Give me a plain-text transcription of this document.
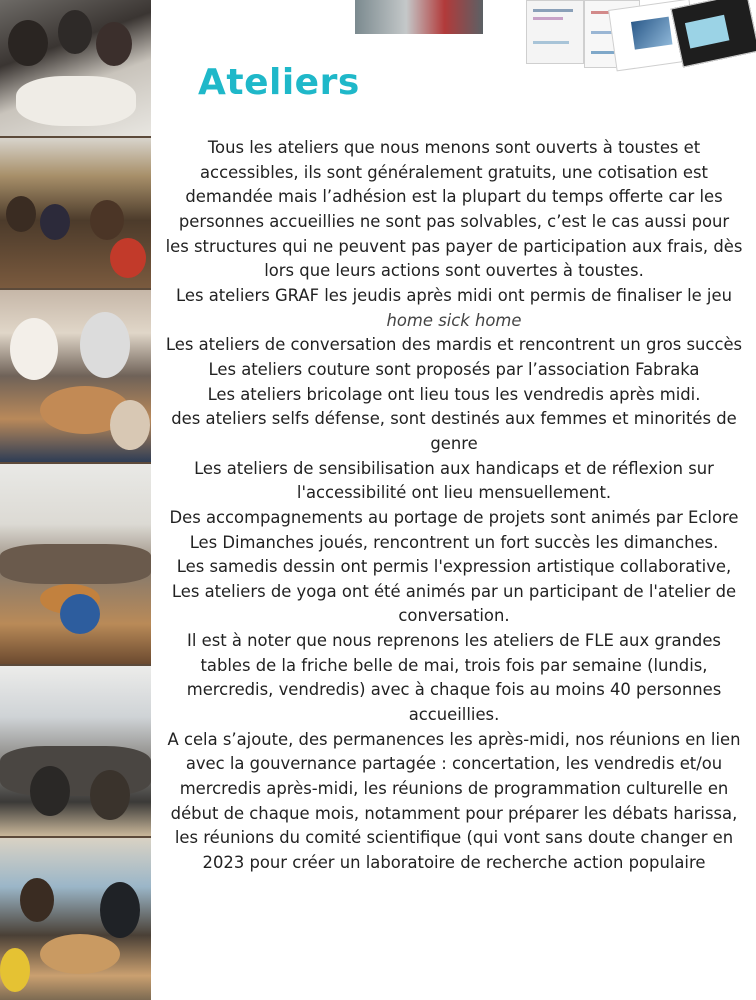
Ateliers

Tous les ateliers que nous menons sont ouverts à toustes et accessibles, ils sont généralement gratuits, une cotisation est demandée mais l’adhésion est la plupart du temps offerte car les personnes accueillies ne sont pas solvables, c’est le cas aussi pour les structures qui ne peuvent pas payer de participation aux frais, dès lors que leurs actions sont ouvertes à toustes.

Les ateliers GRAF les jeudis après midi ont permis de finaliser le jeu home sick home

Les ateliers de conversation des mardis et rencontrent un gros succès

Les ateliers couture sont proposés par l’association Fabraka

Les ateliers bricolage ont lieu tous les vendredis après midi.

des ateliers selfs défense, sont destinés aux femmes et minorités de genre

Les ateliers de sensibilisation aux handicaps et de réflexion sur l'accessibilité ont lieu mensuellement.

Des accompagnements au portage de projets sont animés par Eclore

Les Dimanches joués, rencontrent un fort succès les dimanches.

Les samedis dessin ont permis l'expression artistique collaborative,

Les ateliers de yoga ont été animés par un participant de l'atelier de conversation.

Il est à noter que nous reprenons les ateliers de FLE aux grandes tables de la friche belle de mai, trois fois par semaine (lundis, mercredis, vendredis) avec à chaque fois au moins 40 personnes accueillies.

A cela s’ajoute, des permanences les après-midi, nos réunions en lien avec la gouvernance partagée : concertation, les vendredis et/ou mercredis après-midi, les réunions de programmation culturelle en début de chaque mois, notamment pour préparer les débats harissa, les réunions du comité scientifique (qui vont sans doute changer en 2023 pour créer un laboratoire de recherche action populaire
